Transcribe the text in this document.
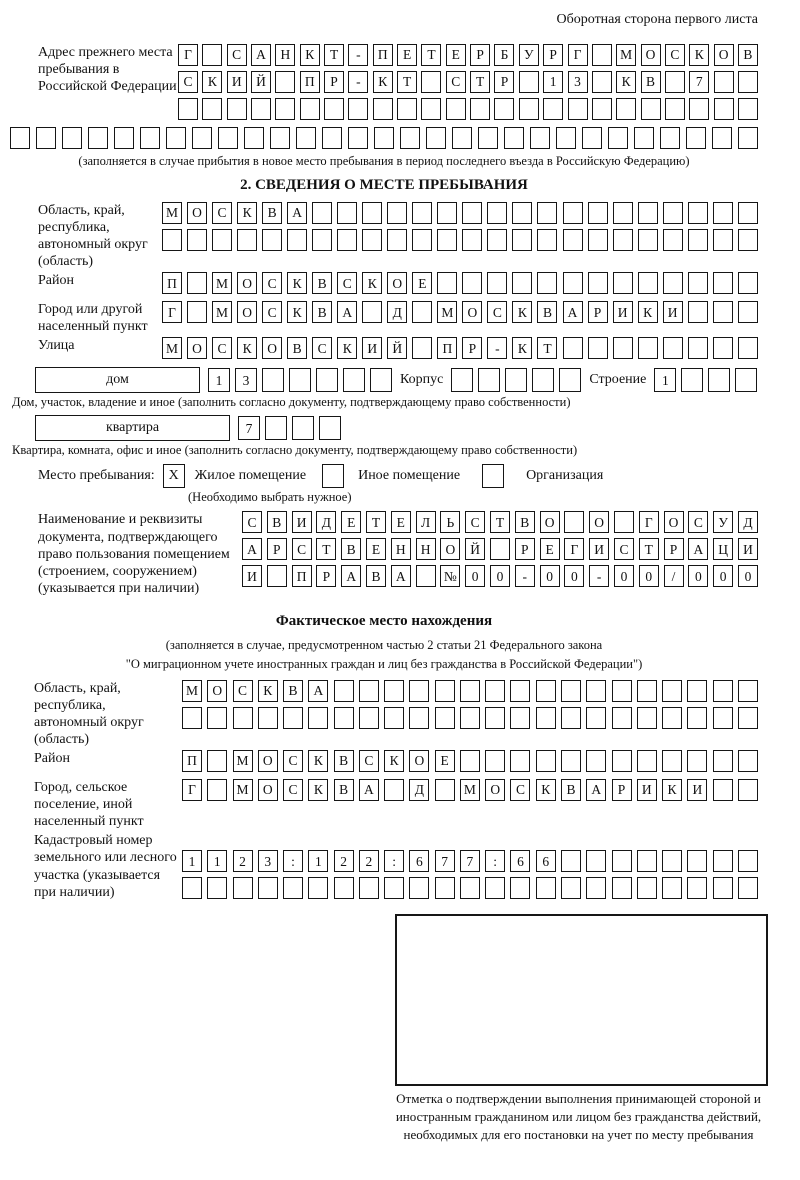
Оборотная сторона первого листа
Адрес прежнего места пребывания в Российской Федерации
Г	С	А	Н	К	Т	-	П	Е	Т	Е	Р	Б	У	Р	Г	М О	С	К	О	В
С	К	И	Й	П	Р	-	К	Т	С	Т	Р	1	3	К	В	7
(заполняется в случае прибытия в новое место пребывания в период последнего въезда в Российскую Федерацию)
2. СВЕДЕНИЯ О МЕСТЕ ПРЕБЫВАНИЯ
Область, край, республика, автономный округ (область)
М	О	С	К	В	А
Район	П	М	О	С	К	В	С	К	О	Е
Город или другой населенный пункт
Г	М	О	С	К	В	А	Д	М	О	С	К	В	А	Р	И	К	И
Улица	М	О	С	К	О	В	С	К	И	Й	П	Р	-	К	Т
дом	1	3	Корпус	Строение	1
Дом, участок, владение и иное (заполнить согласно документу, подтверждающему право собственности)
квартира	7
Квартира, комната, офис и иное (заполнить согласно документу, подтверждающему право собственности)
Место пребывания: X	Жилое помещение	Иное помещение	Организация
(Необходимо выбрать нужное)
Наименование и реквизиты документа, подтверждающего право пользования помещением (строением, сооружением) (указывается при наличии)
С	В	И	Д	Е	Т	Е	Л	Ь	С	Т	В	О	О	Г	О	С	У	Д
А	Р	С	Т	В	Е	Н	Н	О	Й	Р	Е	Г	И	С	Т	Р	А	Ц	И
И	П	Р	А	В	А	№	0	0	-	0	0	-	0	0	/	0	0	0
Фактическое место нахождения
(заполняется в случае, предусмотренном частью 2 статьи 21 Федерального закона
"О миграционном учете иностранных граждан и лиц без гражданства в Российской Федерации")
Область, край, республика, автономный округ (область)
М	О	С	К	В	А
Район	П	М	О	С	К	В	С	К	О	Е
Город, сельское поселение, иной населенный пункт
Г	М	О	С	К	В	А	Д	М	О	С	К	В	А	Р	И	К	И
Кадастровый номер земельного или лесного участка (указывается при наличии)
1	1	2	3	:	1	2	2	:	6	7	7	:	6	6
Отметка о подтверждении выполнения принимающей стороной и иностранным гражданином или лицом без гражданства действий, необходимых для его постановки на учет по месту пребывания
